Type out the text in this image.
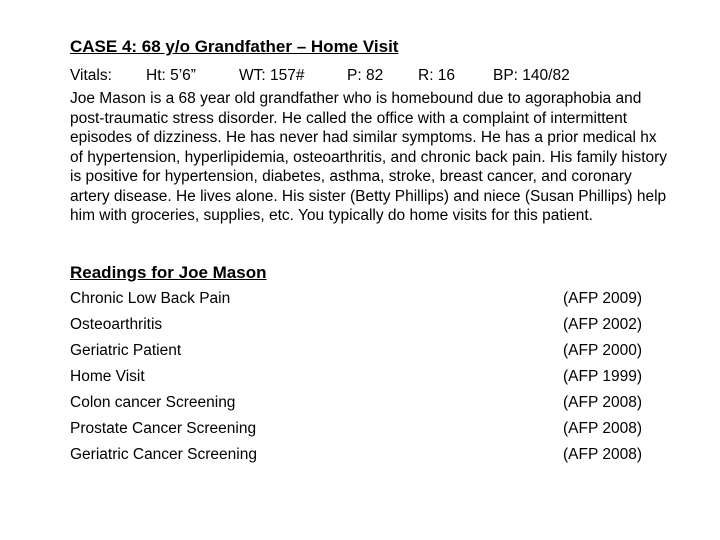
CASE 4: 68 y/o Grandfather – Home Visit
Vitals: Ht: 5’6”	WT: 157#	P: 82 R: 16 BP: 140/82

Joe Mason is a 68 year old grandfather who is homebound due to agoraphobia and post-traumatic stress disorder. He called the office with a complaint of intermittent episodes of dizziness. He has never had similar symptoms. He has a prior medical hx of hypertension, hyperlipidemia, osteoarthritis, and chronic back pain. His family history is positive for hypertension, diabetes, asthma, stroke, breast cancer, and coronary artery disease. He lives alone. His sister (Betty Phillips) and niece (Susan Phillips) help him with groceries, supplies, etc. You typically do home visits for this patient.

Readings for Joe Mason
Chronic Low Back Pain	(AFP 2009)
Osteoarthritis	(AFP 2002)
Geriatric Patient	(AFP 2000)
Home Visit	(AFP 1999)
Colon cancer Screening	(AFP 2008)
Prostate Cancer Screening	(AFP 2008)
Geriatric Cancer Screening	(AFP 2008)
